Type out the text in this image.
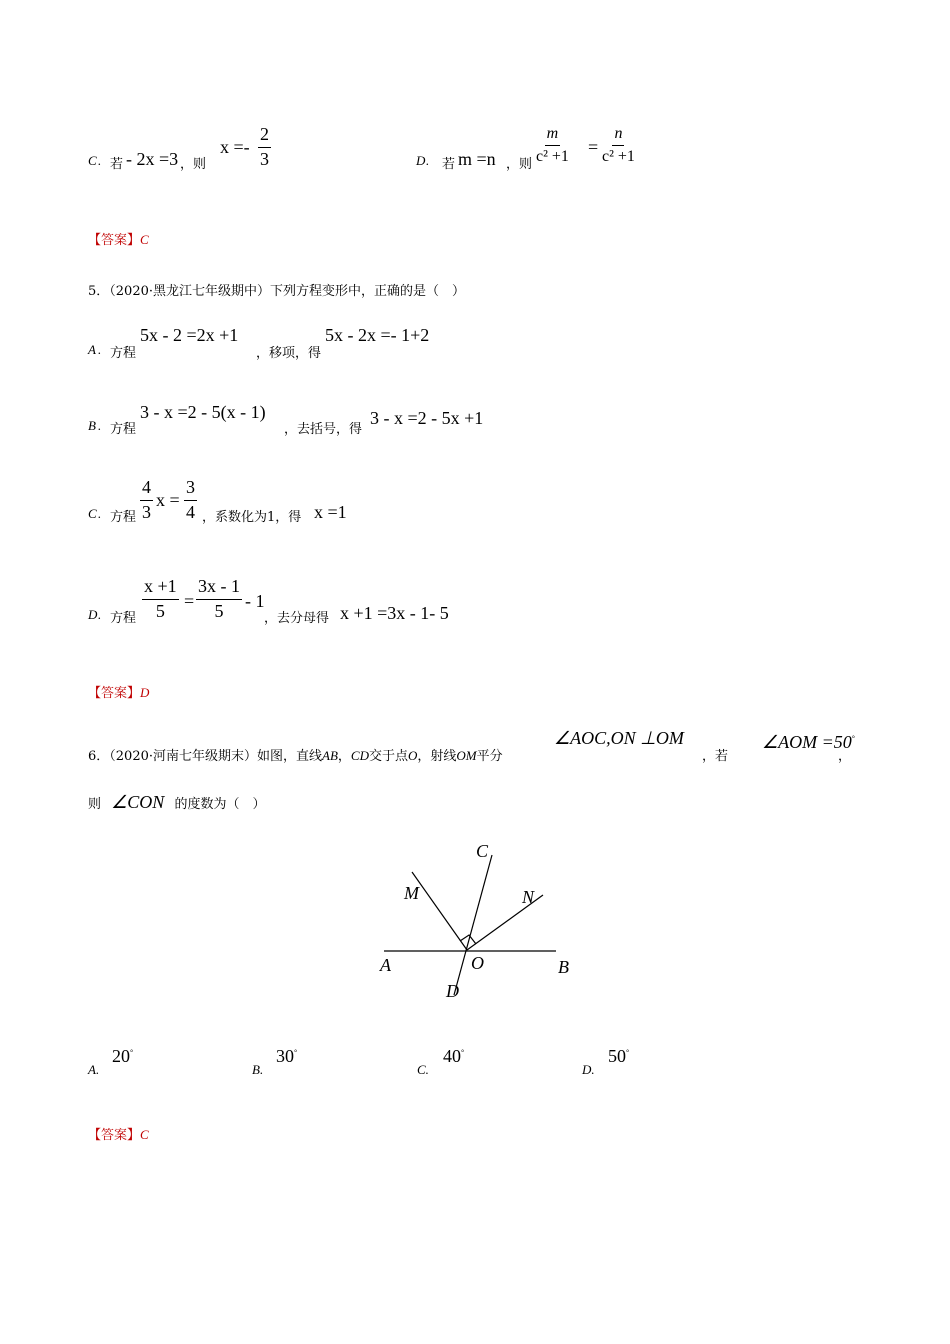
C . 若 - 2x =3 ，则
$x =- \frac{2}{3}$	D . 若 m =n ，则 $\frac{m}{\text{c² +1}} = \frac{n}{\text{c² +1}}$
【答案】C
5．（2020·黑龙江七年级期中）下列方程变形中，正确的是（　）
A . 方程
5x - 2 =2x +1
，移项，得
5x - 2x =- 1+2
B . 方程
3 - x =2 - 5(x - 1)
，去括号，得
3 - x =2 - 5x +1
C . 方程 $\frac{4}{3}$ $x = \frac{3}{4}$ ，系数化为1，得 x =1
D . 方程 $\frac{x +1}{5} = \frac{3x - 1}{5} - 1$
，去分母得 x +1 =3x - 1- 5
【答案】D
6．（2020·河南七年级期末）如图，直线AB，CD交于点O，射线OM平分
∠AOC,ON ⊥OM
，若
∠AOM =50°
，
则 ∠CON 的度数为（　）
A	B
C
D
M	N
O
A.
20°
B.
30°
C.
40°
D.
50°
【答案】C
